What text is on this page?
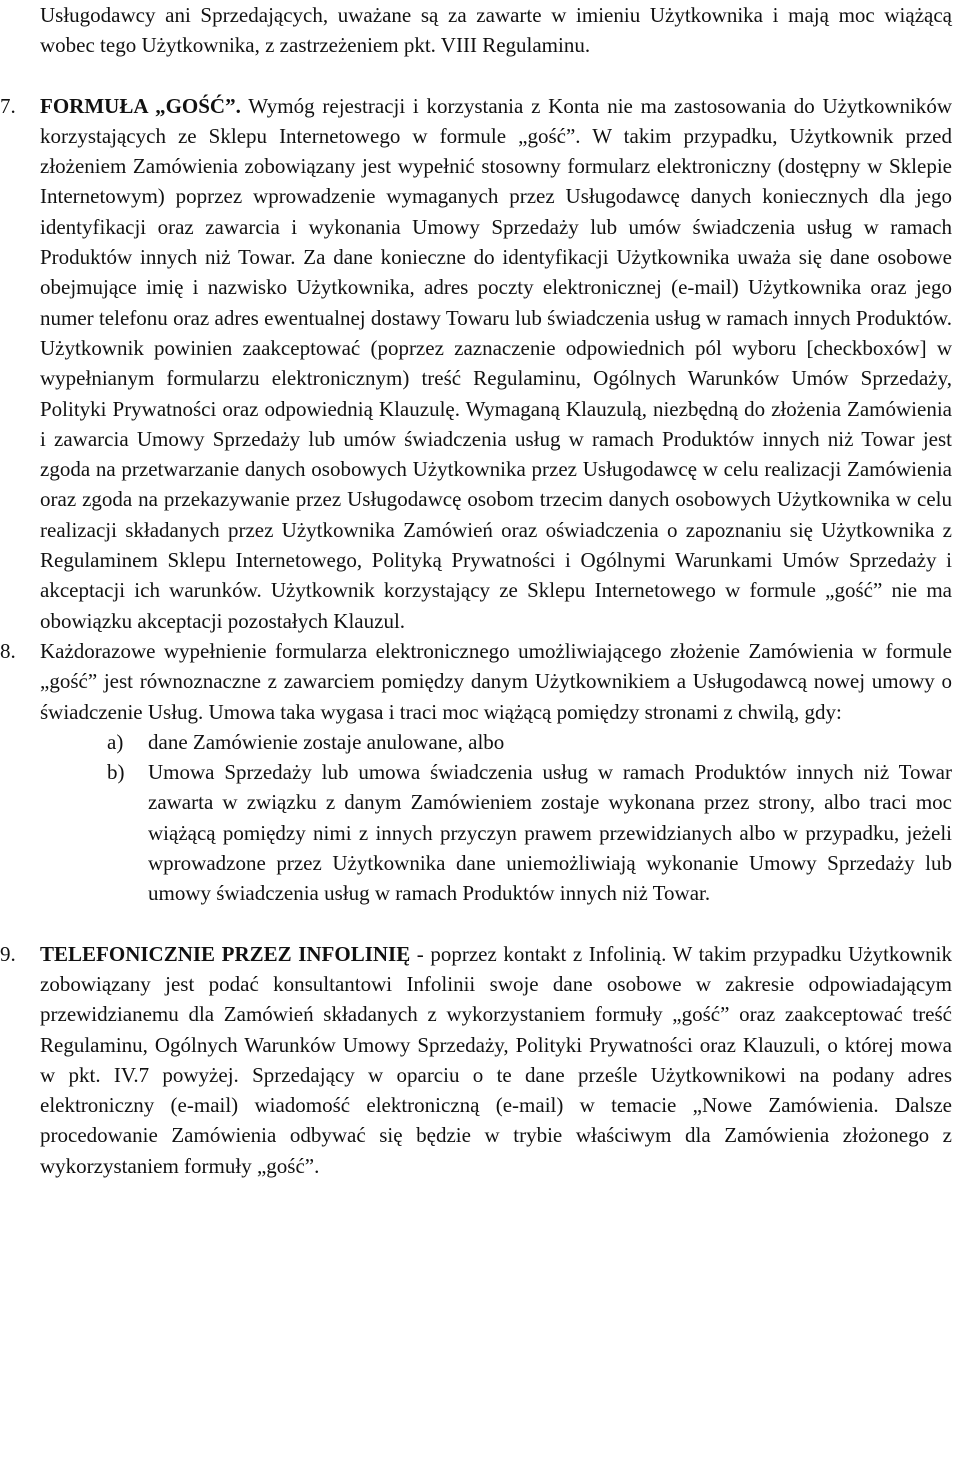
Usługodawcy ani Sprzedających, uważane są za zawarte w imieniu Użytkownika i mają moc wiążącą wobec tego Użytkownika, z zastrzeżeniem pkt. VIII Regulaminu.
7. FORMUŁA „GOŚĆ”. Wymóg rejestracji i korzystania z Konta nie ma zastosowania do Użytkowników korzystających ze Sklepu Internetowego w formule „gość”. W takim przypadku, Użytkownik przed złożeniem Zamówienia zobowiązany jest wypełnić stosowny formularz elektroniczny (dostępny w Sklepie Internetowym) poprzez wprowadzenie wymaganych przez Usługodawcę danych koniecznych dla jego identyfikacji oraz zawarcia i wykonania Umowy Sprzedaży lub umów świadczenia usług w ramach Produktów innych niż Towar. Za dane konieczne do identyfikacji Użytkownika uważa się dane osobowe obejmujące imię i nazwisko Użytkownika, adres poczty elektronicznej (e-mail) Użytkownika oraz jego numer telefonu oraz adres ewentualnej dostawy Towaru lub świadczenia usług w ramach innych Produktów. Użytkownik powinien zaakceptować (poprzez zaznaczenie odpowiednich pól wyboru [checkboxów] w wypełnianym formularzu elektronicznym) treść Regulaminu, Ogólnych Warunków Umów Sprzedaży, Polityki Prywatności oraz odpowiednią Klauzulę. Wymaganą Klauzulą, niezbędną do złożenia Zamówienia i zawarcia Umowy Sprzedaży lub umów świadczenia usług w ramach Produktów innych niż Towar jest zgoda na przetwarzanie danych osobowych Użytkownika przez Usługodawcę w celu realizacji Zamówienia oraz zgoda na przekazywanie przez Usługodawcę osobom trzecim danych osobowych Użytkownika w celu realizacji składanych przez Użytkownika Zamówień oraz oświadczenia o zapoznaniu się Użytkownika z Regulaminem Sklepu Internetowego, Polityką Prywatności i Ogólnymi Warunkami Umów Sprzedaży i akceptacji ich warunków. Użytkownik korzystający ze Sklepu Internetowego w formule „gość” nie ma obowiązku akceptacji pozostałych Klauzul.
8. Każdorazowe wypełnienie formularza elektronicznego umożliwiającego złożenie Zamówienia w formule „gość” jest równoznaczne z zawarciem pomiędzy danym Użytkownikiem a Usługodawcą nowej umowy o świadczenie Usług. Umowa taka wygasa i traci moc wiążącą pomiędzy stronami z chwilą, gdy:
a) dane Zamówienie zostaje anulowane, albo
b) Umowa Sprzedaży lub umowa świadczenia usług w ramach Produktów innych niż Towar zawarta w związku z danym Zamówieniem zostaje wykonana przez strony, albo traci moc wiążącą pomiędzy nimi z innych przyczyn prawem przewidzianych albo w przypadku, jeżeli wprowadzone przez Użytkownika dane uniemożliwiają wykonanie Umowy Sprzedaży lub umowy świadczenia usług w ramach Produktów innych niż Towar.
9. TELEFONICZNIE PRZEZ INFOLINIĘ - poprzez kontakt z Infolinią. W takim przypadku Użytkownik zobowiązany jest podać konsultantowi Infolinii swoje dane osobowe w zakresie odpowiadającym przewidzianemu dla Zamówień składanych z wykorzystaniem formuły „gość” oraz zaakceptować treść Regulaminu, Ogólnych Warunków Umowy Sprzedaży, Polityki Prywatności oraz Klauzuli, o której mowa w pkt. IV.7 powyżej. Sprzedający w oparciu o te dane prześle Użytkownikowi na podany adres elektroniczny (e-mail) wiadomość elektroniczną (e-mail) w temacie „Nowe Zamówienia. Dalsze procedowanie Zamówienia odbywać się będzie w trybie właściwym dla Zamówienia złożonego z wykorzystaniem formuły „gość”.
